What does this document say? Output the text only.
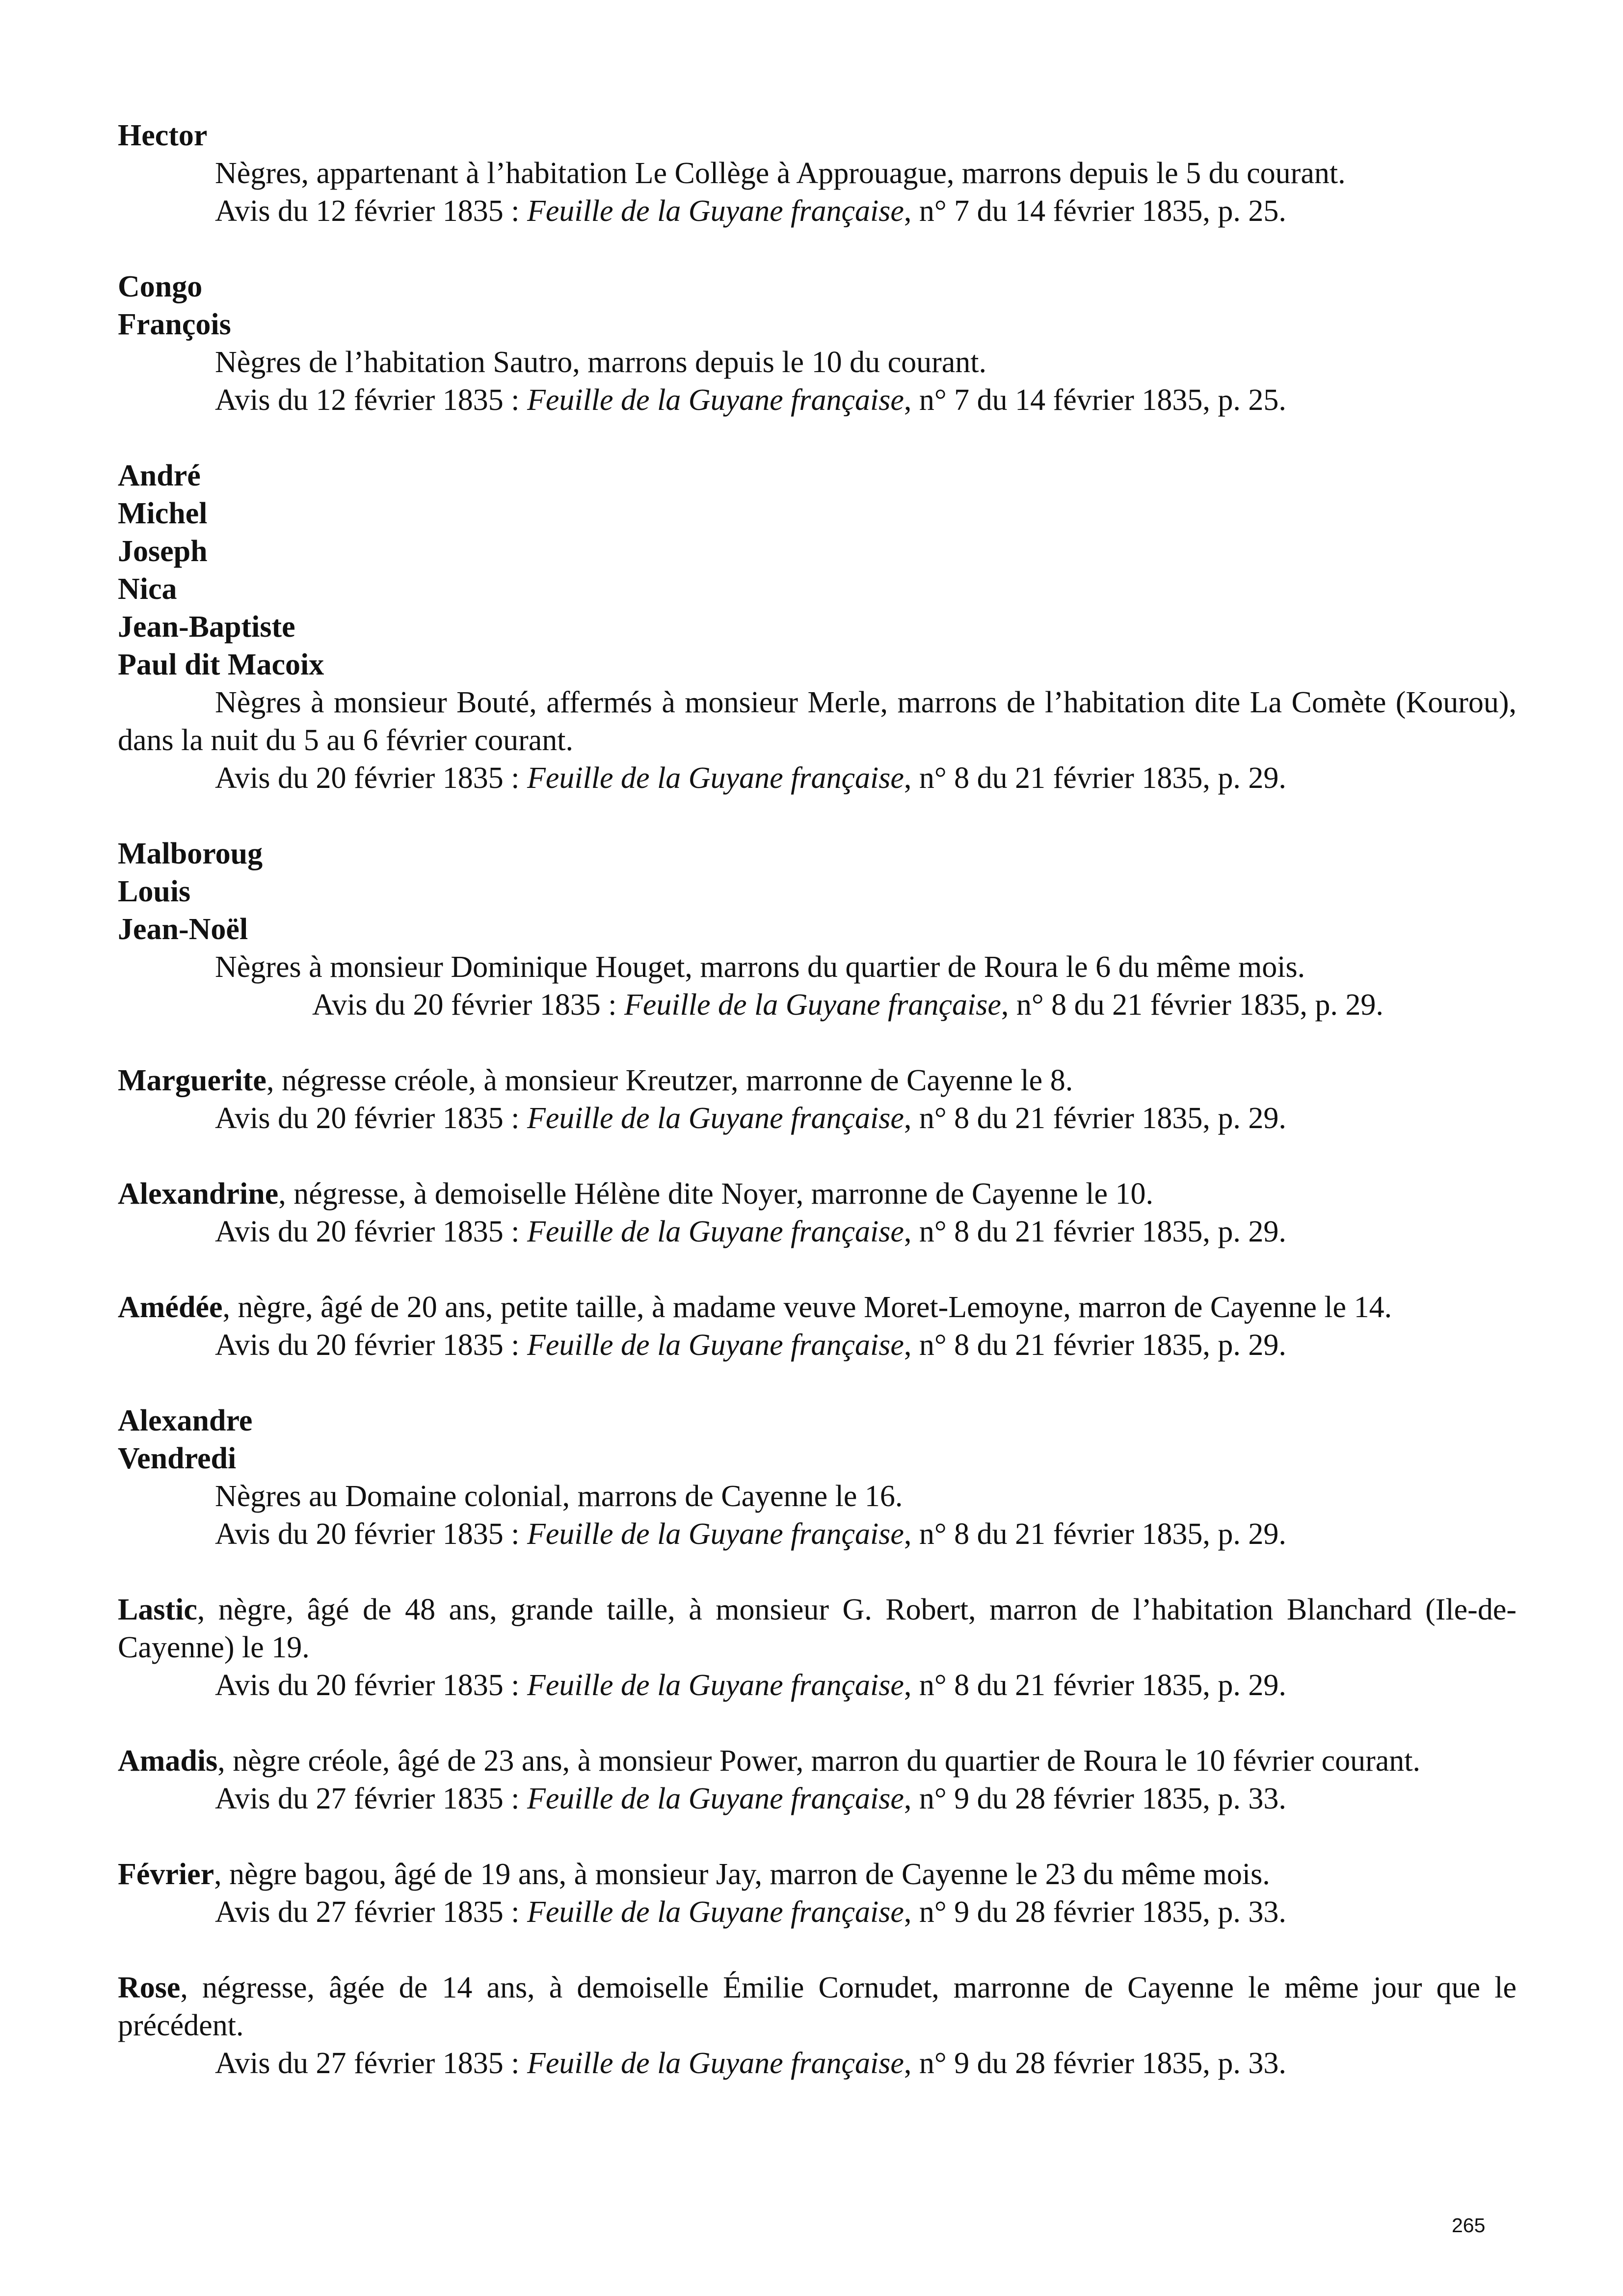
Hector
Nègres, appartenant à l’habitation Le Collège à Approuague, marrons depuis le 5 du courant.
Avis du 12 février 1835 : Feuille de la Guyane française, n° 7 du 14 février 1835, p. 25.
Congo
François
Nègres de l’habitation Sautro, marrons depuis le 10 du courant.
Avis du 12 février 1835 : Feuille de la Guyane française, n° 7 du 14 février 1835, p. 25.
André
Michel
Joseph
Nica
Jean-Baptiste
Paul dit Macoix
Nègres à monsieur Bouté, affermés à monsieur Merle, marrons de l’habitation dite La Comète (Kourou), dans la nuit du 5 au 6 février courant.
Avis du 20 février 1835 : Feuille de la Guyane française, n° 8 du 21 février 1835, p. 29.
Malboroug
Louis
Jean-Noël
Nègres à monsieur Dominique Houget, marrons du quartier de Roura le 6 du même mois.
Avis du 20 février 1835 : Feuille de la Guyane française, n° 8 du 21 février 1835, p. 29.
Marguerite, négresse créole, à monsieur Kreutzer, marronne de Cayenne le 8.
Avis du 20 février 1835 : Feuille de la Guyane française, n° 8 du 21 février 1835, p. 29.
Alexandrine, négresse, à demoiselle Hélène dite Noyer, marronne de Cayenne le 10.
Avis du 20 février 1835 : Feuille de la Guyane française, n° 8 du 21 février 1835, p. 29.
Amédée, nègre, âgé de 20 ans, petite taille, à madame veuve Moret-Lemoyne, marron de Cayenne le 14.
Avis du 20 février 1835 : Feuille de la Guyane française, n° 8 du 21 février 1835, p. 29.
Alexandre
Vendredi
Nègres au Domaine colonial, marrons de Cayenne le 16.
Avis du 20 février 1835 : Feuille de la Guyane française, n° 8 du 21 février 1835, p. 29.
Lastic, nègre, âgé de 48 ans, grande taille, à monsieur G. Robert, marron de l’habitation Blanchard (Ile-de-Cayenne) le 19.
Avis du 20 février 1835 : Feuille de la Guyane française, n° 8 du 21 février 1835, p. 29.
Amadis, nègre créole, âgé de 23 ans, à monsieur Power, marron du quartier de Roura le 10 février courant.
Avis du 27 février 1835 : Feuille de la Guyane française, n° 9 du 28 février 1835, p. 33.
Février, nègre bagou, âgé de 19 ans, à monsieur Jay, marron de Cayenne le 23 du même mois.
Avis du 27 février 1835 : Feuille de la Guyane française, n° 9 du 28 février 1835, p. 33.
Rose, négresse, âgée de 14 ans, à demoiselle Émilie Cornudet, marronne de Cayenne le même jour que le précédent.
Avis du 27 février 1835 : Feuille de la Guyane française, n° 9 du 28 février 1835, p. 33.
265
